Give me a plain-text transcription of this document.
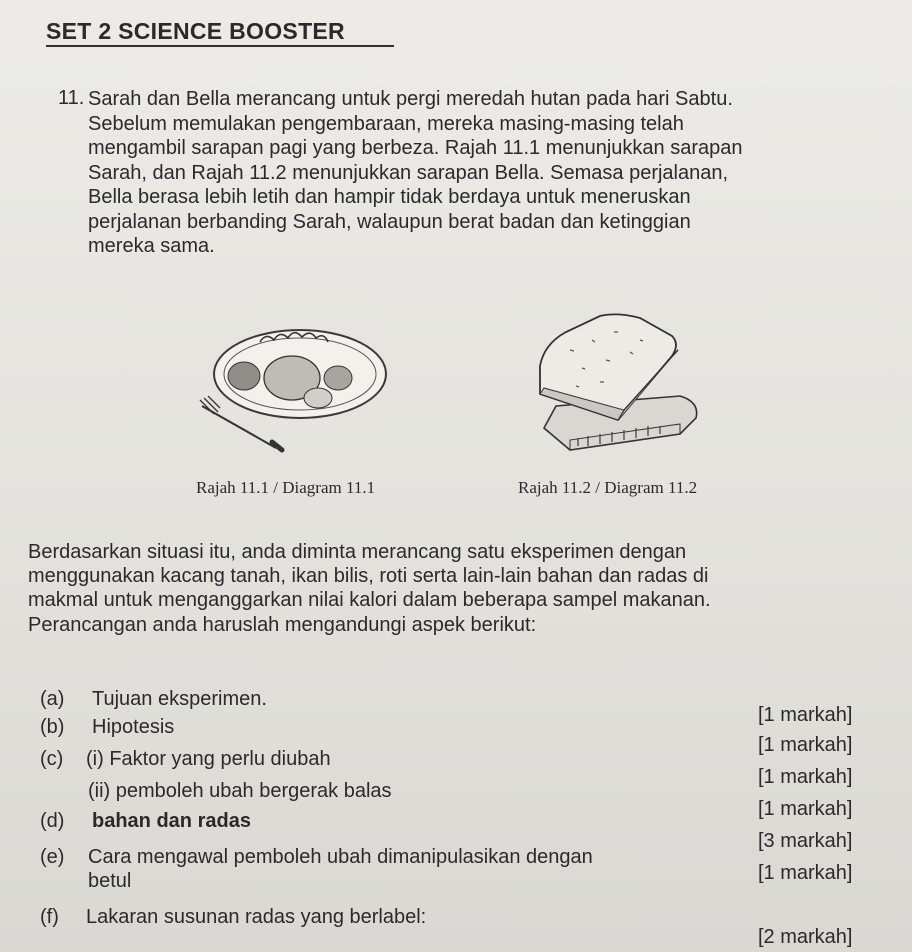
SET 2 SCIENCE BOOSTER
11. Sarah dan Bella merancang untuk pergi meredah hutan pada hari Sabtu.
Sebelum memulakan pengembaraan, mereka masing-masing telah
mengambil sarapan pagi yang berbeza. Rajah 11.1 menunjukkan sarapan
Sarah, dan Rajah 11.2 menunjukkan sarapan Bella. Semasa perjalanan,
Bella berasa lebih letih dan hampir tidak berdaya untuk meneruskan
perjalanan berbanding Sarah, walaupun berat badan dan ketinggian
mereka sama.
Rajah 11.1 / Diagram 11.1	Rajah 11.2 / Diagram 11.2
Berdasarkan situasi itu, anda diminta merancang satu eksperimen dengan
menggunakan kacang tanah, ikan bilis, roti serta lain-lain bahan dan radas di
makmal untuk menganggarkan nilai kalori dalam beberapa sampel makanan.
Perancangan anda haruslah mengandungi aspek berikut:
(a) Tujuan eksperimen.
(b) Hipotesis
(c) (i) Faktor yang perlu diubah
(ii) pemboleh ubah bergerak balas
(d) bahan dan radas
(e) Cara mengawal pemboleh ubah dimanipulasikan dengan
betul
(f) Lakaran susunan radas yang berlabel:
[1 markah]
[1 markah]
[1 markah]
[1 markah]
[3 markah]
[1 markah]
[2 markah]
